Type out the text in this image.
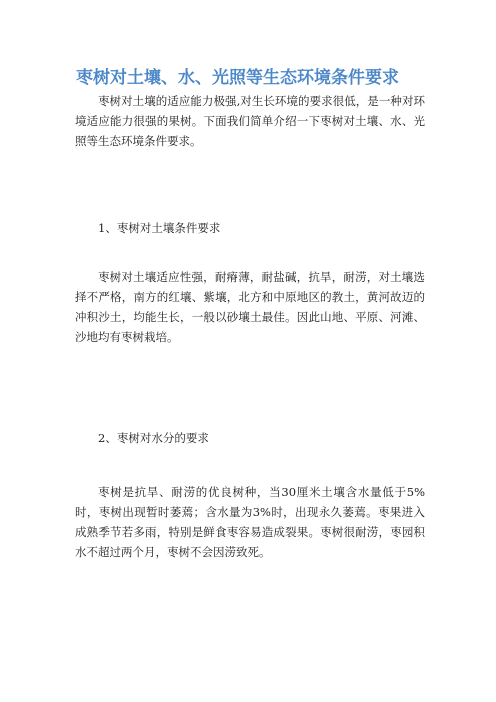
枣树对土壤、水、光照等生态环境条件要求

枣树对土壤的适应能力极强,对生长环境的要求很低，是一种对环境适应能力很强的果树。下面我们简单介绍一下枣树对土壤、水、光照等生态环境条件要求。

1、枣树对土壤条件要求

枣树对土壤适应性强，耐瘠薄，耐盐碱，抗旱，耐涝，对土壤选择不严格，南方的红壤、紫壤，北方和中原地区的教土，黄河故迈的冲积沙土，均能生长，一般以砂壤土最佳。因此山地、平原、河滩、沙地均有枣树栽培。

2、枣树对水分的要求

枣树是抗旱、耐涝的优良树种，当30厘米土壤含水量低于5%时，枣树出现暂时萎蔫；含水量为3%时，出现永久萎蔫。枣果进入成熟季节若多雨，特别是鲜食枣容易造成裂果。枣树很耐涝，枣园积水不超过两个月，枣树不会因涝致死。
